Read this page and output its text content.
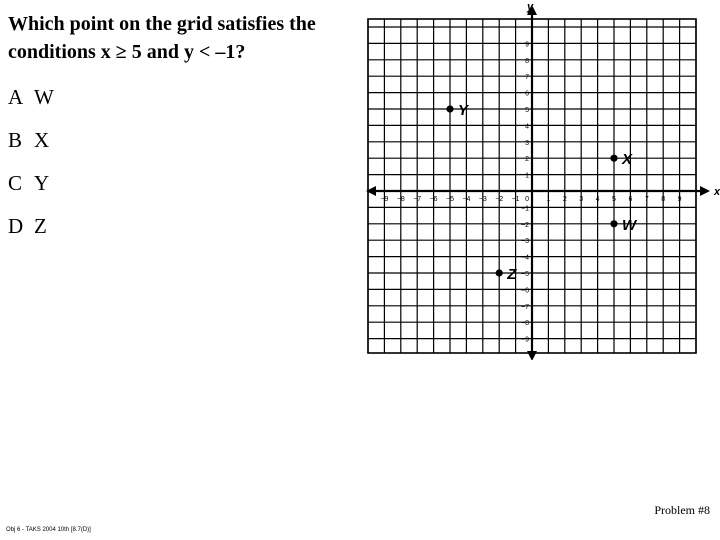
Which point on the grid satisfies the conditions x ≥ 5 and y < –1?
A W
B X
C Y
D Z
−9 −8 −7 −6 −5 −4 −3 −2 −1	1 2 3 4 5 6 7 8 9
−9
−8
−7
−6
−5
−4
−3
−2
−1
1
2
3
4
5
6
7
8
9
0
W
X
Y
Z
x
y
Problem #8
Obj 6 - TAKS 2004 10th [8.7(D)]
